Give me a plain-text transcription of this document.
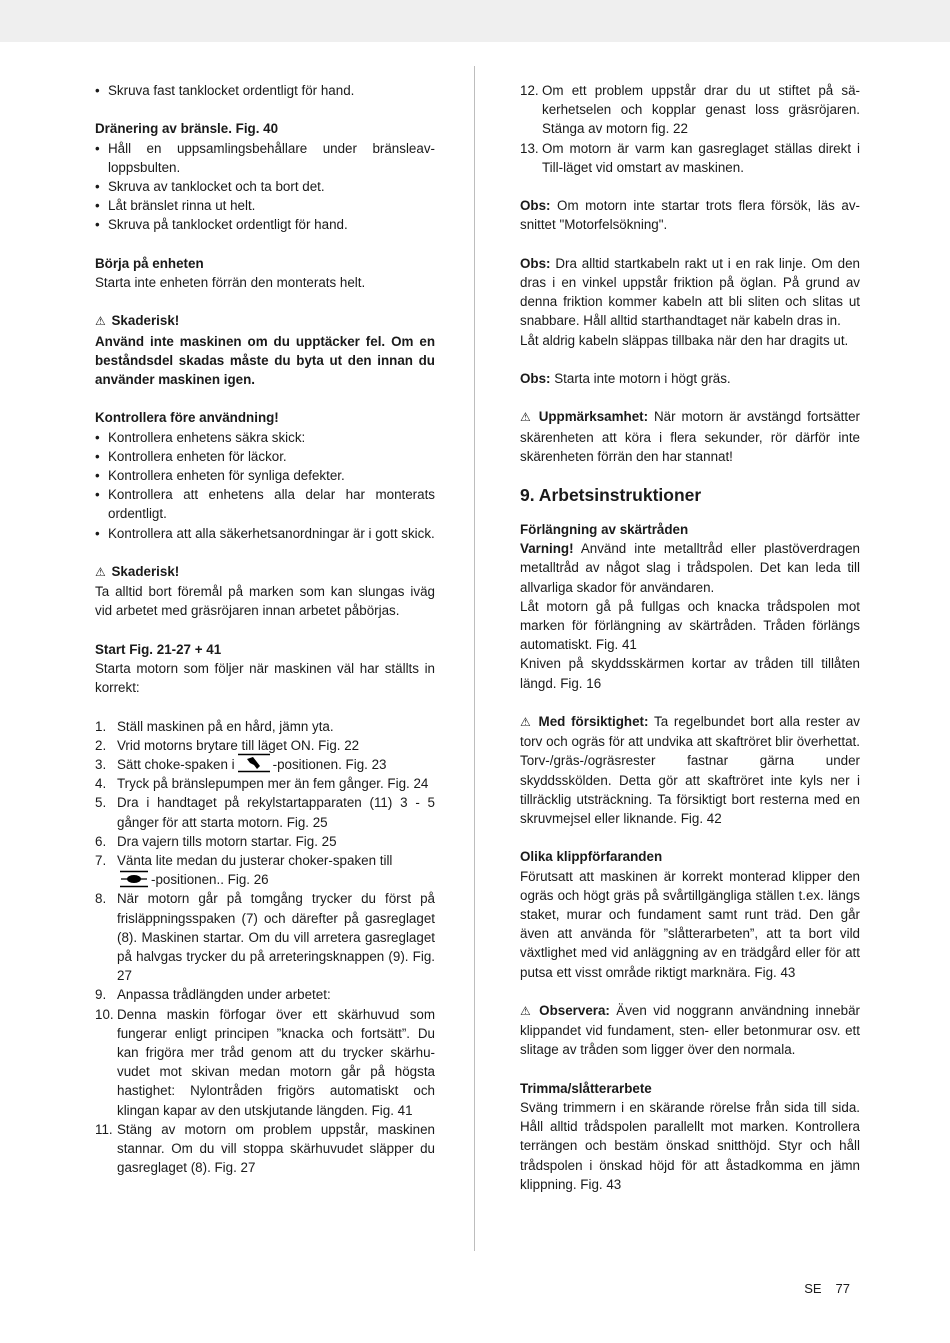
• Skruva fast tanklocket ordentligt för hand.

Dränering av bränsle. Fig. 40

• Håll en uppsamlingsbehållare under bränsleavloppsbulten.
• Skruva av tanklocket och ta bort det.
• Låt bränslet rinna ut helt.
• Skruva på tanklocket ordentligt för hand.

Börja på enheten

Starta inte enheten förrän den monterats helt.

⚠ Skaderisk!

Använd inte maskinen om du upptäcker fel. Om en beståndsdel skadas måste du byta ut den innan du använder maskinen igen.

Kontrollera före användning!

• Kontrollera enhetens säkra skick:
• Kontrollera enheten för läckor.
• Kontrollera enheten för synliga defekter.
• Kontrollera att enhetens alla delar har monterats ordentligt.
• Kontrollera att alla säkerhetsanordningar är i gott skick.

⚠ Skaderisk!

Ta alltid bort föremål på marken som kan slungas iväg vid arbetet med gräsröjaren innan arbetet påbörjas.

Start Fig. 21-27 + 41

Starta motorn som följer när maskinen väl har ställts in korrekt:

1. Ställ maskinen på en hård, jämn yta.
2. Vrid motorns brytare till läget ON. Fig. 22
3. Sätt choke-spaken i	-positionen. Fig. 23
4. Tryck på bränslepumpen mer än fem gånger. Fig. 24
5. Dra i handtaget på rekylstartapparaten (11) 3 - 5 gånger för att starta motorn. Fig. 25
6. Dra vajern tills motorn startar. Fig. 25
7. Vänta lite medan du justerar choker-spaken till
-positionen.. Fig. 26
8. När motorn går på tomgång trycker du först på frisläppningsspaken (7) och därefter på gasreglaget (8). Maskinen startar. Om du vill arretera gasreglaget på halvgas trycker du på arreteringsknappen (9). Fig. 27
9. Anpassa trådlängden under arbetet:
10. Denna maskin förfogar över ett skärhuvud som fungerar enligt principen ”knacka och fortsätt”. Du kan frigöra mer tråd genom att du trycker skärhuvudet mot skivan medan motorn går på högsta hastighet: Nylontråden frigörs automatiskt och klingan kapar av den utskjutande längden. Fig. 41
11. Stäng av motorn om problem uppstår, maskinen stannar. Om du vill stoppa skärhuvudet släpper du gasreglaget (8). Fig. 27
12. Om ett problem uppstår drar du ut stiftet på säkerhetselen och kopplar genast loss gräsröjaren. Stänga av motorn fig. 22
13. Om motorn är varm kan gasreglaget ställas direkt i Till-läget vid omstart av maskinen.

Obs: Om motorn inte startar trots flera försök, läs avsnittet "Motorfelsökning".

Obs: Dra alltid startkabeln rakt ut i en rak linje. Om den dras i en vinkel uppstår friktion på öglan. På grund av denna friktion kommer kabeln att bli sliten och slitas ut snabbare. Håll alltid starthandtaget när kabeln dras in.

Låt aldrig kabeln släppas tillbaka när den har dragits ut.

Obs: Starta inte motorn i högt gräs.

⚠ Uppmärksamhet: När motorn är avstängd fortsätter skärenheten att köra i flera sekunder, rör därför inte skärenheten förrän den har stannat!

9. Arbetsinstruktioner

Förlängning av skärtråden

Varning! Använd inte metalltråd eller plastöverdragen metalltråd av något slag i trådspolen. Det kan leda till allvarliga skador för användaren.

Låt motorn gå på fullgas och knacka trådspolen mot marken för förlängning av skärtråden. Tråden förlängs automatiskt. Fig. 41

Kniven på skyddsskärmen kortar av tråden till tillåten längd. Fig. 16

⚠ Med försiktighet: Ta regelbundet bort alla rester av torv och ogräs för att undvika att skaftröret blir överhettat. Torv-/gräs-/ogräsrester fastnar gärna under skyddsskölden. Detta gör att skaftröret inte kyls ner i tillräcklig utsträckning. Ta försiktigt bort resterna med en skruvmejsel eller liknande. Fig. 42

Olika klippförfaranden

Förutsatt att maskinen är korrekt monterad klipper den ogräs och högt gräs på svårtillgängliga ställen t.ex. längs staket, murar och fundament samt runt träd. Den går även att använda för ”slåtterarbeten”, att ta bort vild växtlighet med vid anläggning av en trädgård eller för att putsa ett visst område riktigt marknära. Fig. 43

⚠ Observera: Även vid noggrann användning innebär klippandet vid fundament, sten- eller betonmurar osv. ett slitage av tråden som ligger över den normala.

Trimma/slåtterarbete

Sväng trimmern i en skärande rörelse från sida till sida. Håll alltid trådspolen parallellt mot marken. Kontrollera terrängen och bestäm önskad snitthöjd. Styr och håll trådspolen i önskad höjd för att åstadkomma en jämn klippning. Fig. 43

SE 77
